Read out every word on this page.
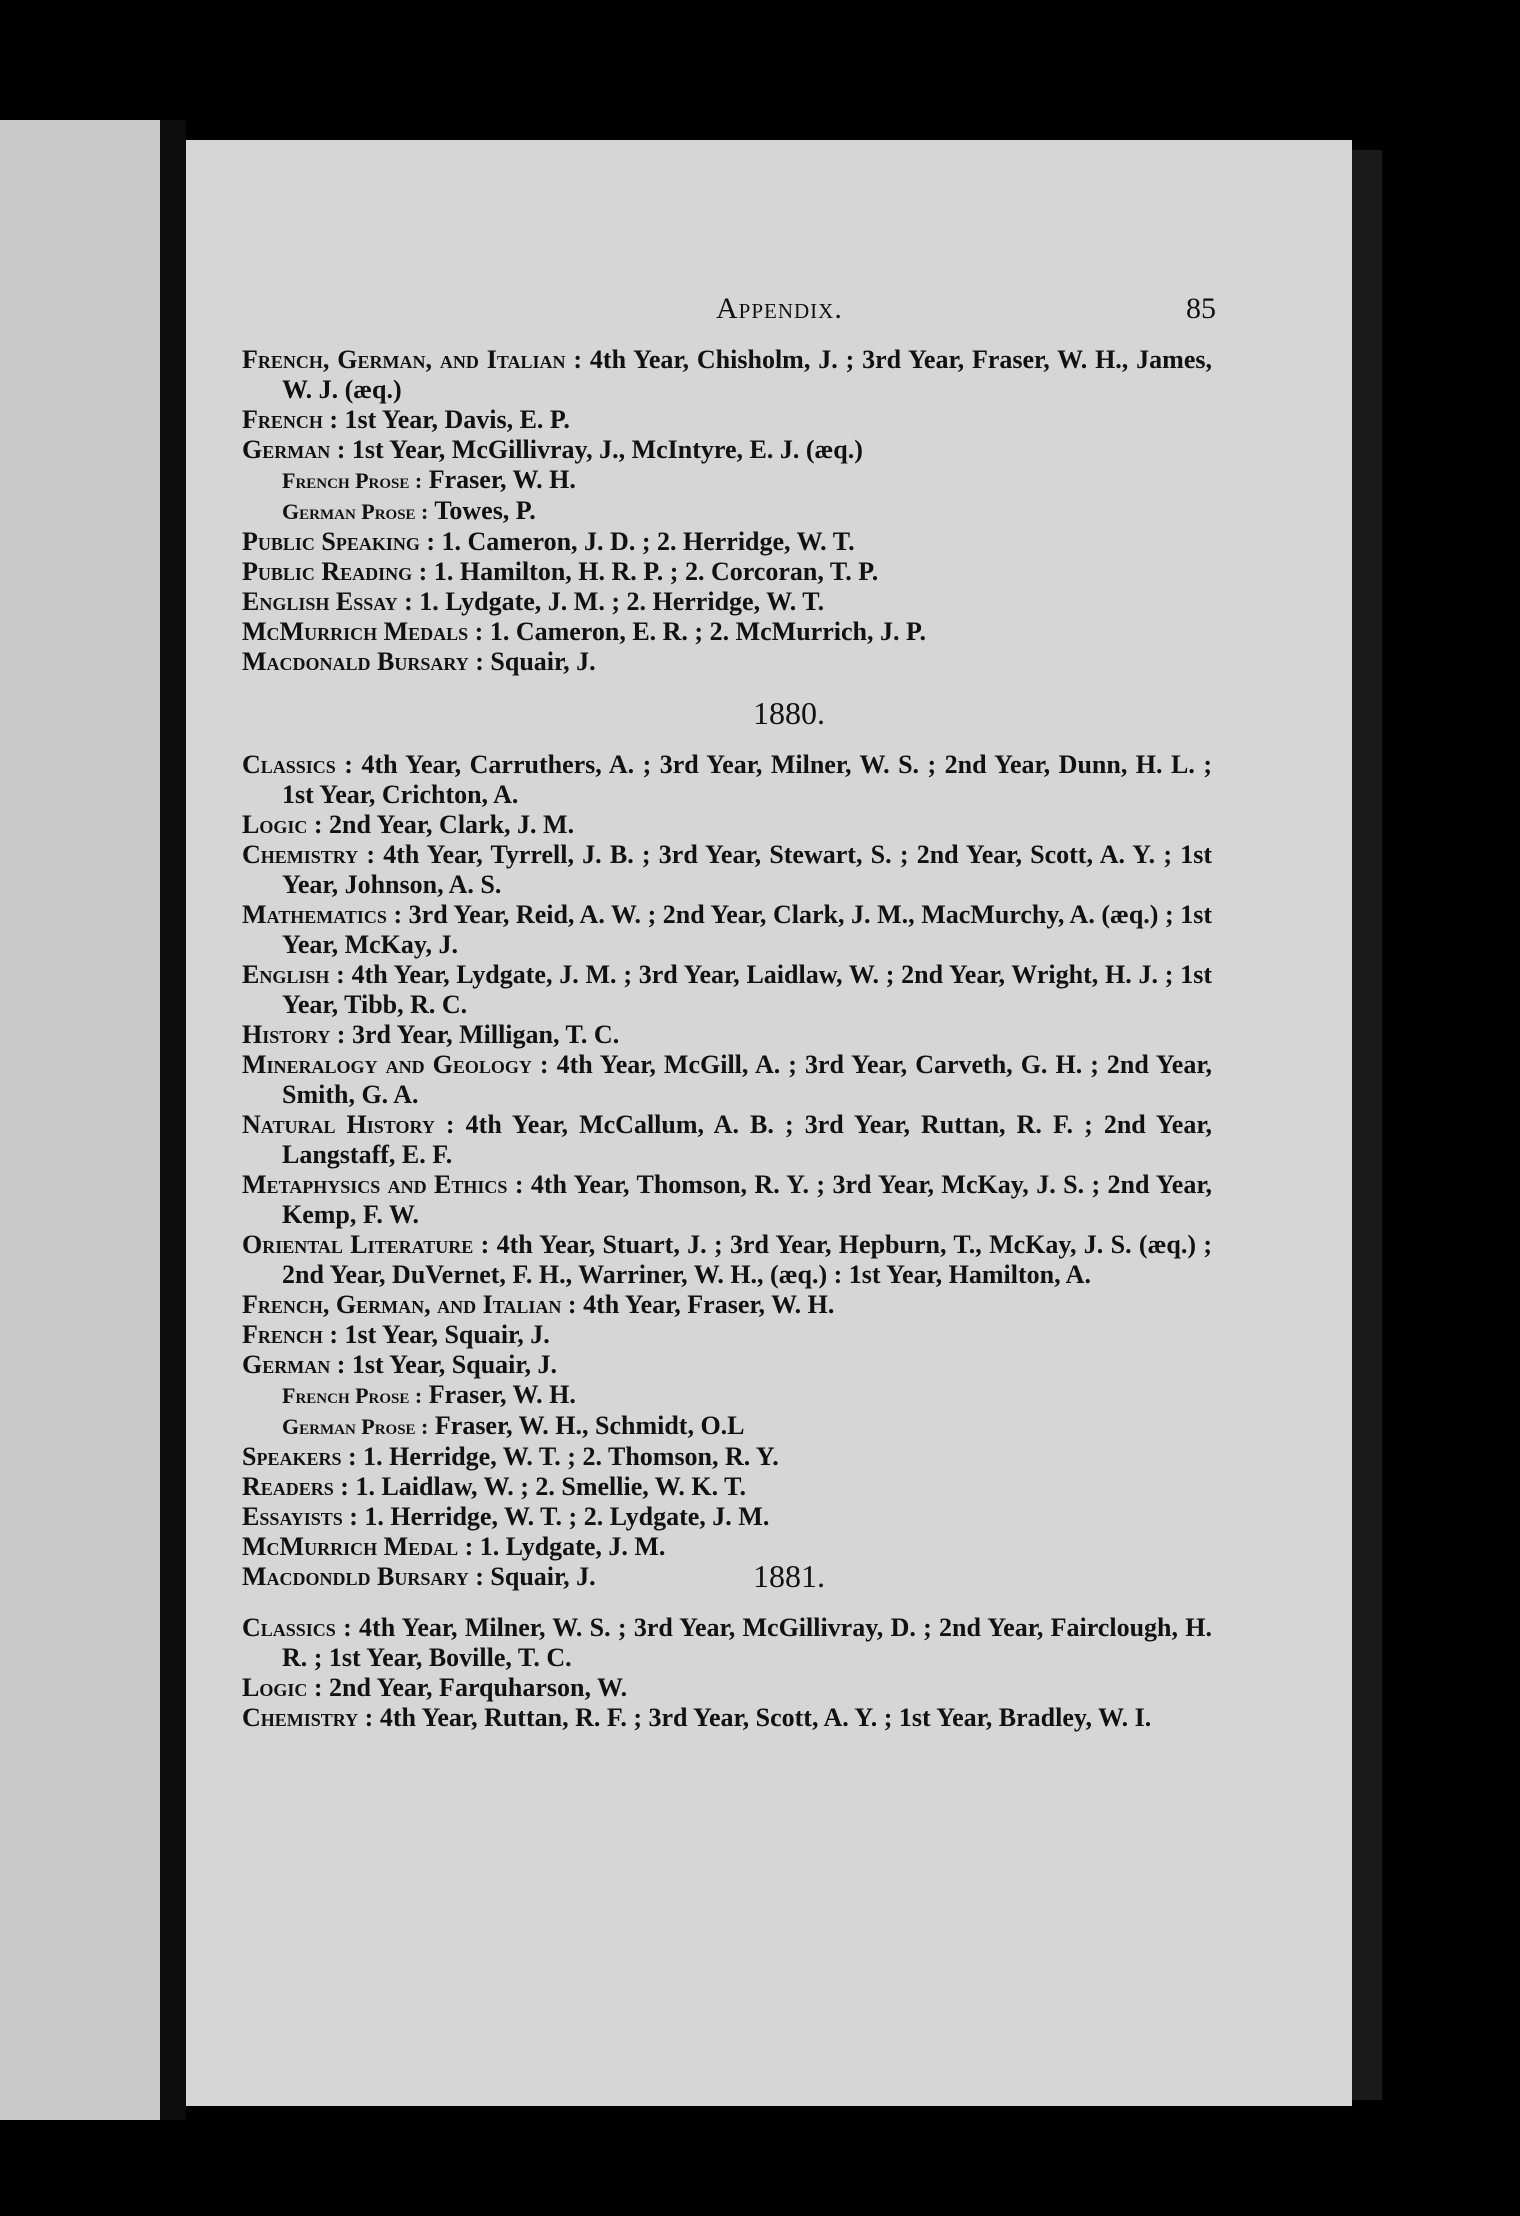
Appendix.	85

French, German, and Italian : 4th Year, Chisholm, J. ; 3rd Year, Fraser, W. H., James, W. J. (æq.)

French : 1st Year, Davis, E. P.

German : 1st Year, McGillivray, J., McIntyre, E. J. (æq.)

French Prose : Fraser, W. H.

German Prose : Towes, P.

Public Speaking : 1. Cameron, J. D. ; 2. Herridge, W. T.

Public Reading : 1. Hamilton, H. R. P. ; 2. Corcoran, T. P.

English Essay : 1. Lydgate, J. M. ; 2. Herridge, W. T.

McMurrich Medals : 1. Cameron, E. R. ; 2. McMurrich, J. P.

Macdonald Bursary : Squair, J.

1880.

Classics : 4th Year, Carruthers, A. ; 3rd Year, Milner, W. S. ; 2nd Year, Dunn, H. L. ; 1st Year, Crichton, A.

Logic : 2nd Year, Clark, J. M.

Chemistry : 4th Year, Tyrrell, J. B. ; 3rd Year, Stewart, S. ; 2nd Year, Scott, A. Y. ; 1st Year, Johnson, A. S.

Mathematics : 3rd Year, Reid, A. W. ; 2nd Year, Clark, J. M., MacMurchy, A. (æq.) ; 1st Year, McKay, J.

English : 4th Year, Lydgate, J. M. ; 3rd Year, Laidlaw, W. ; 2nd Year, Wright, H. J. ; 1st Year, Tibb, R. C.

History : 3rd Year, Milligan, T. C.

Mineralogy and Geology : 4th Year, McGill, A. ; 3rd Year, Carveth, G. H. ; 2nd Year, Smith, G. A.

Natural History : 4th Year, McCallum, A. B. ; 3rd Year, Ruttan, R. F. ; 2nd Year, Langstaff, E. F.

Metaphysics and Ethics : 4th Year, Thomson, R. Y. ; 3rd Year, McKay, J. S. ; 2nd Year, Kemp, F. W.

Oriental Literature : 4th Year, Stuart, J. ; 3rd Year, Hepburn, T., McKay, J. S. (æq.) ; 2nd Year, DuVernet, F. H., Warriner, W. H., (æq.) : 1st Year, Hamilton, A.

French, German, and Italian : 4th Year, Fraser, W. H.

French : 1st Year, Squair, J.

German : 1st Year, Squair, J.

French Prose : Fraser, W. H.

German Prose : Fraser, W. H., Schmidt, O.L

Speakers : 1. Herridge, W. T. ; 2. Thomson, R. Y.

Readers : 1. Laidlaw, W. ; 2. Smellie, W. K. T.

Essayists : 1. Herridge, W. T. ; 2. Lydgate, J. M.

McMurrich Medal : 1. Lydgate, J. M.

Macdondld Bursary : Squair, J.	1881.

Classics : 4th Year, Milner, W. S. ; 3rd Year, McGillivray, D. ; 2nd Year, Fairclough, H. R. ; 1st Year, Boville, T. C.

Logic : 2nd Year, Farquharson, W.

Chemistry : 4th Year, Ruttan, R. F. ; 3rd Year, Scott, A. Y. ; 1st Year, Bradley, W. I.
